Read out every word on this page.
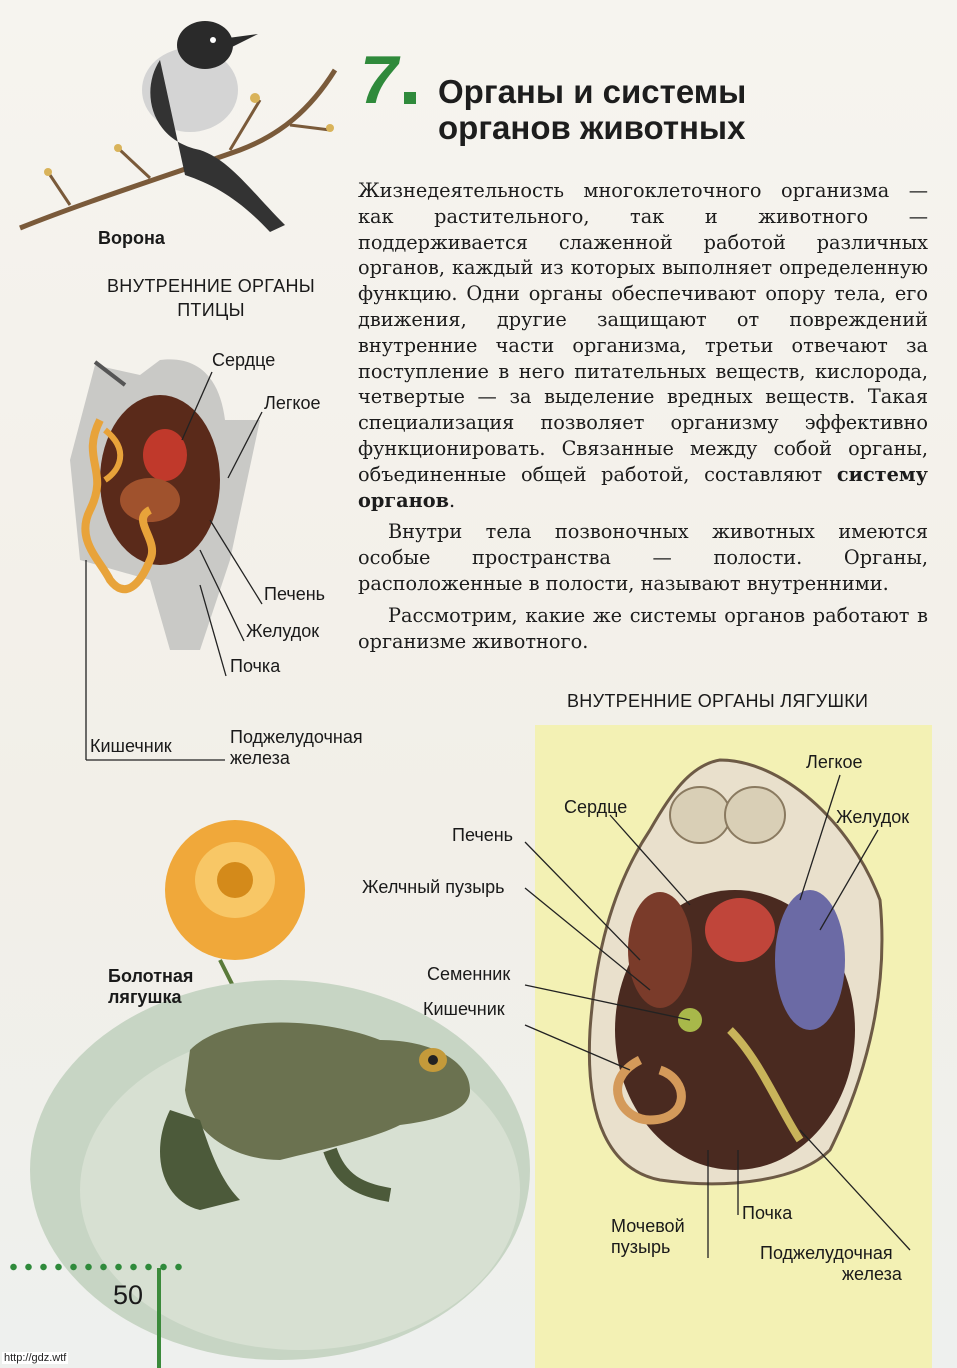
7 Органы и системы органов животных

Жизнедеятельность многоклеточного организма — как растительного, так и животного — поддерживается слаженной работой различных органов, каждый из которых выполняет определенную функцию. Одни органы обеспечивают опору тела, его движения, другие защищают от повреждений внутренние части организма, третьи отвечают за поступление в него питательных веществ, кислорода, четвертые — за выделение вредных веществ. Такая специализация позволяет организму эффективно функционировать. Связанные между собой органы, объединенные общей работой, составляют систему органов.

Внутри тела позвоночных животных имеются особые пространства — полости. Органы, расположенные в полости, называют внутренними.

Рассмотрим, какие же системы органов работают в организме животного.

Ворона
ВНУТРЕННИЕ ОРГАНЫ ПТИЦЫ
Сердце
Легкое
Печень
Желудок
Почка
Кишечник	Поджелудочная
железа
Болотная лягушка
ВНУТРЕННИЕ ОРГАНЫ ЛЯГУШКИ
Легкое
Сердце	Желудок
Печень
Желчный пузырь
Семенник
Кишечник
Мочевой
пузырь
Почка
Поджелудочная
железа
50
http://gdz.wtf
